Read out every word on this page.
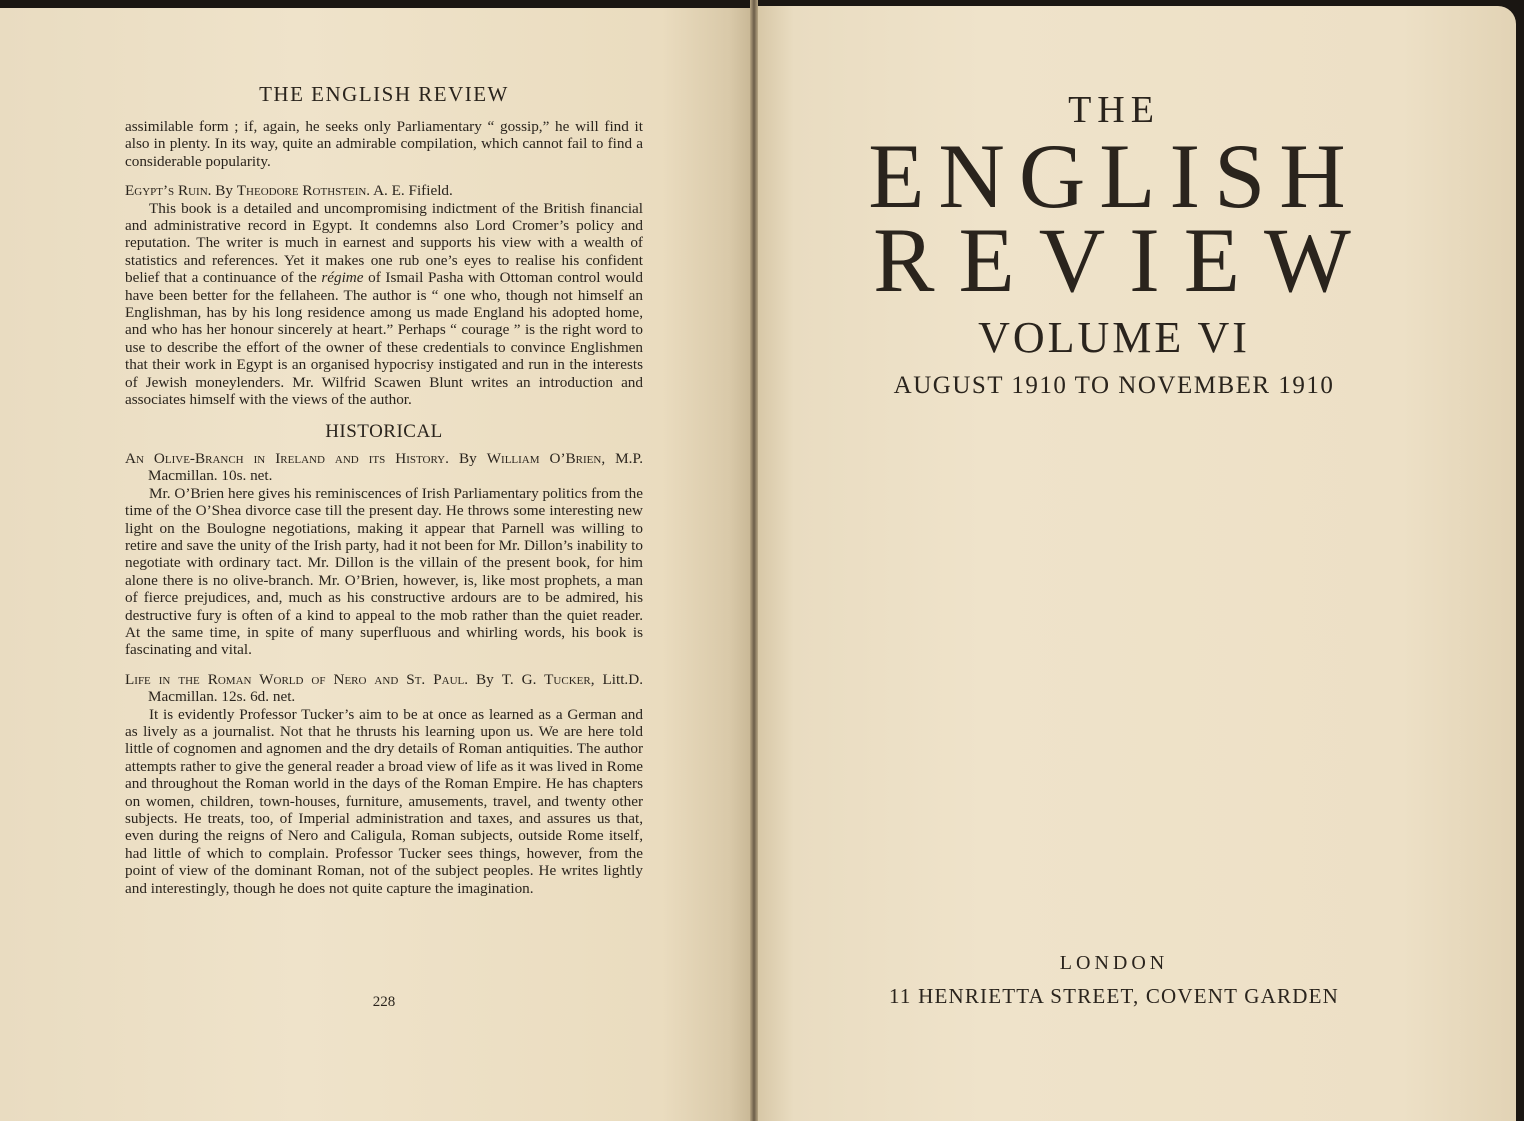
THE ENGLISH REVIEW

assimilable form ; if, again, he seeks only Parliamentary “ gossip,” he will find it also in plenty. In its way, quite an admirable compilation, which cannot fail to find a considerable popularity.

Egypt’s Ruin. By Theodore Rothstein. A. E. Fifield.

This book is a detailed and uncompromising indictment of the British financial and administrative record in Egypt. It condemns also Lord Cromer’s policy and reputation. The writer is much in earnest and supports his view with a wealth of statistics and references. Yet it makes one rub one’s eyes to realise his confident belief that a continuance of the régime of Ismail Pasha with Ottoman control would have been better for the fellaheen. The author is “ one who, though not himself an Englishman, has by his long residence among us made England his adopted home, and who has her honour sincerely at heart.” Perhaps “ courage ” is the right word to use to describe the effort of the owner of these credentials to convince Englishmen that their work in Egypt is an organised hypocrisy instigated and run in the interests of Jewish moneylenders. Mr. Wilfrid Scawen Blunt writes an introduction and associates himself with the views of the author.

HISTORICAL

An Olive-Branch in Ireland and its History. By William O’Brien, M.P. Macmillan. 10s. net.

Mr. O’Brien here gives his reminiscences of Irish Parliamentary politics from the time of the O’Shea divorce case till the present day. He throws some interesting new light on the Boulogne negotiations, making it appear that Parnell was willing to retire and save the unity of the Irish party, had it not been for Mr. Dillon’s inability to negotiate with ordinary tact. Mr. Dillon is the villain of the present book, for him alone there is no olive-branch. Mr. O’Brien, however, is, like most prophets, a man of fierce prejudices, and, much as his constructive ardours are to be admired, his destructive fury is often of a kind to appeal to the mob rather than the quiet reader. At the same time, in spite of many superfluous and whirling words, his book is fascinating and vital.

Life in the Roman World of Nero and St. Paul. By T. G. Tucker, Litt.D. Macmillan. 12s. 6d. net.

It is evidently Professor Tucker’s aim to be at once as learned as a German and as lively as a journalist. Not that he thrusts his learning upon us. We are here told little of cognomen and agnomen and the dry details of Roman antiquities. The author attempts rather to give the general reader a broad view of life as it was lived in Rome and throughout the Roman world in the days of the Roman Empire. He has chapters on women, children, town-houses, furniture, amusements, travel, and twenty other subjects. He treats, too, of Imperial administration and taxes, and assures us that, even during the reigns of Nero and Caligula, Roman subjects, outside Rome itself, had little of which to complain. Professor Tucker sees things, however, from the point of view of the dominant Roman, not of the subject peoples. He writes lightly and interestingly, though he does not quite capture the imagination.

228
THE
ENGLISH
REVIEW
VOLUME VI
AUGUST 1910 TO NOVEMBER 1910
LONDON
11 HENRIETTA STREET, COVENT GARDEN
